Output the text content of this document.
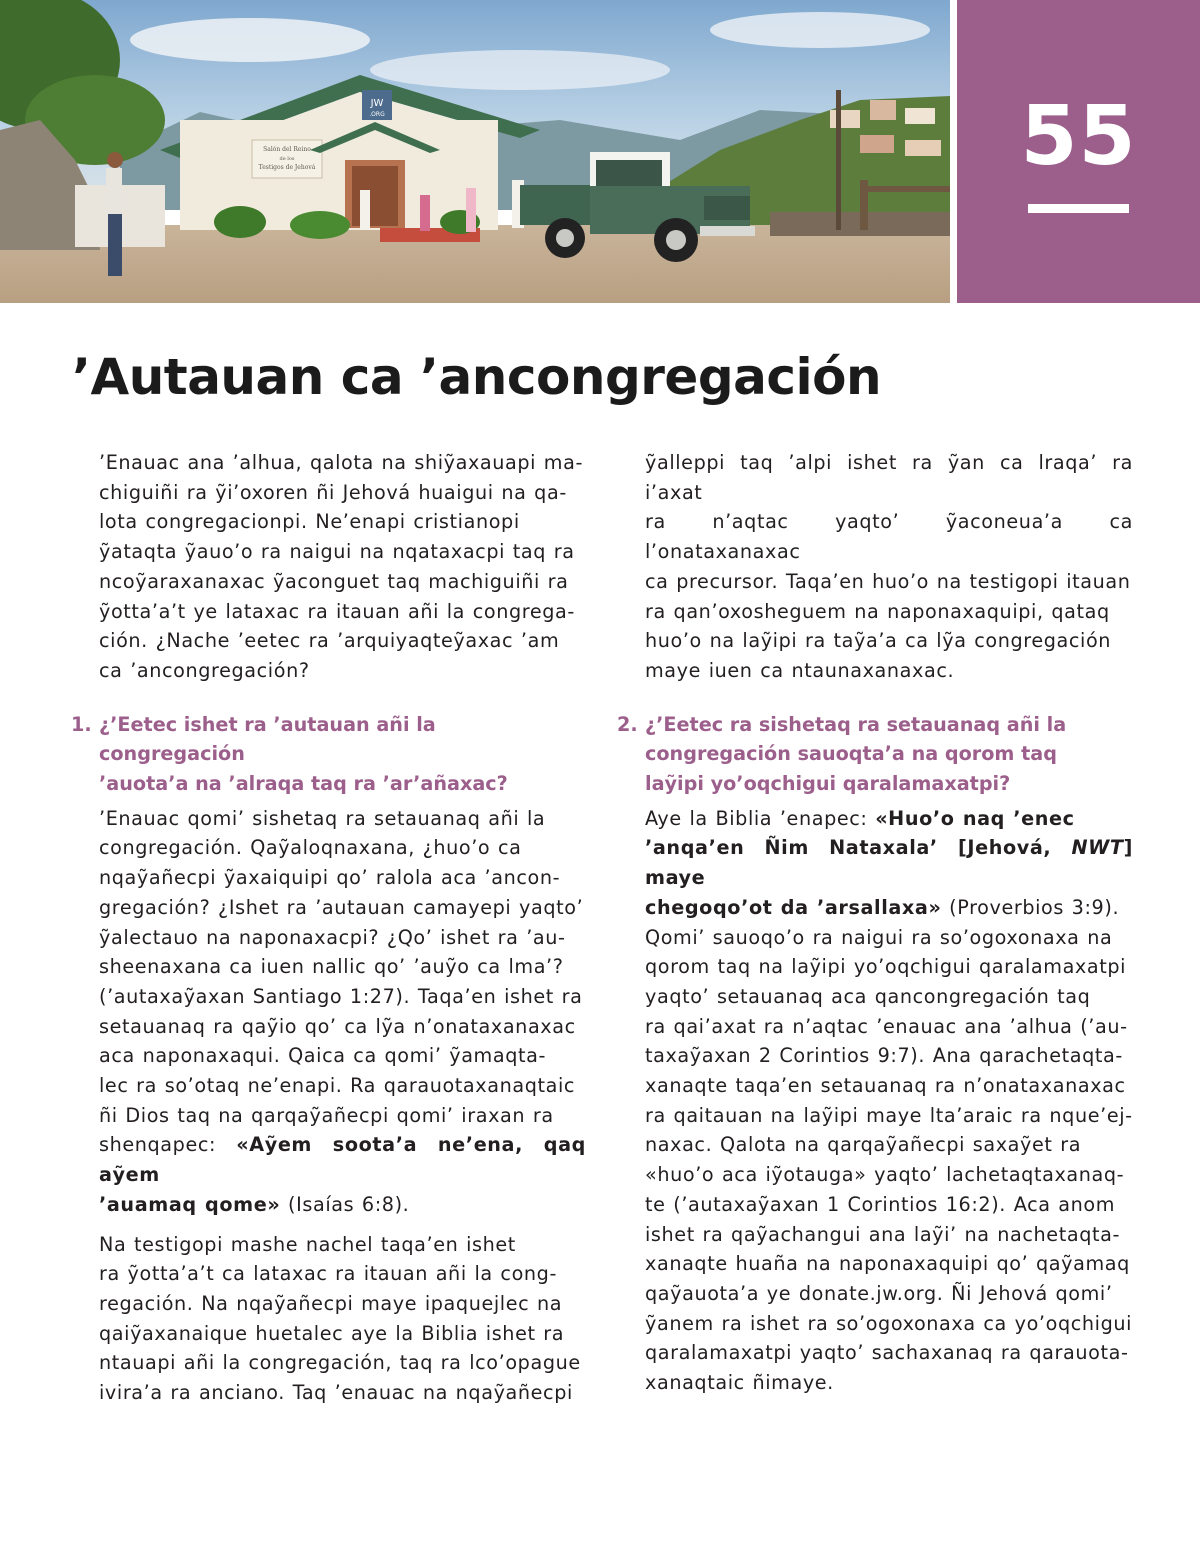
Salón del Reino
de los
Testigos de Jehová
JW
.ORG	55
’Autauan ca ’ancongregación

’Enauac ana ’alhua, qalota na shiỹaxauapi ma-
chiguiñi ra ỹi’oxoren ñi Jehová huaigui na qa-
lota congregacionpi. Ne’enapi cristianopi
ỹataqta ỹauo’o ra naigui na nqataxacpi taq ra
ncoỹaraxanaxac ỹaconguet taq machiguiñi ra
ỹotta’a’t ye lataxac ra itauan añi la congrega-
ción. ¿Nache ’eetec ra ’arquiyaqteỹaxac ’am
ca ’ancongregación?

1. ¿’Eetec ishet ra ’autauan añi la congregación
’auota’a na ’alraqa taq ra ’ar’añaxac?

’Enauac qomi’ sishetaq ra setauanaq añi la
congregación. Qaỹaloqnaxana, ¿huo’o ca
nqaỹañecpi ỹaxaiquipi qo’ ralola aca ’ancon-
gregación? ¿Ishet ra ’autauan camayepi yaqto’
ỹalectauo na naponaxacpi? ¿Qo’ ishet ra ’au-
sheenaxana ca iuen nallic qo’ ’auỹo ca lma’?
(’autaxaỹaxan Santiago 1:27). Taqa’en ishet ra
setauanaq ra qaỹio qo’ ca lỹa n’onataxanaxac
aca naponaxaqui. Qaica ca qomi’ ỹamaqta-
lec ra so’otaq ne’enapi. Ra qarauotaxanaqtaic
ñi Dios taq na qarqaỹañecpi qomi’ iraxan ra
shenqapec: «Aỹem soota’a ne’ena, qaq aỹem
’auamaq qome» (Isaías 6:8).

Na testigopi mashe nachel taqa’en ishet
ra ỹotta’a’t ca lataxac ra itauan añi la cong-
regación. Na nqaỹañecpi maye ipaquejlec na
qaiỹaxanaique huetalec aye la Biblia ishet ra
ntauapi añi la congregación, taq ra lco’opague
ivira’a ra anciano. Taq ’enauac na nqaỹañecpi

ỹalleppi taq ’alpi ishet ra ỹan ca lraqa’ ra i’axat
ra n’aqtac yaqto’ ỹaconeua’a ca l’onataxanaxac
ca precursor. Taqa’en huo’o na testigopi itauan
ra qan’oxosheguem na naponaxaquipi, qataq
huo’o na laỹipi ra taỹa’a ca lỹa congregación
maye iuen ca ntaunaxanaxac.

2. ¿’Eetec ra sishetaq ra setauanaq añi la
congregación sauoqta’a na qorom taq
laỹipi yo’oqchigui qaralamaxatpi?

Aye la Biblia ’enapec: «Huo’o naq ’enec
’anqa’en Ñim Nataxala’ [Jehová, NWT] maye
chegoqo’ot da ’arsallaxa» (Proverbios 3:9).
Qomi’ sauoqo’o ra naigui ra so’ogoxonaxa na
qorom taq na laỹipi yo’oqchigui qaralamaxatpi
yaqto’ setauanaq aca qancongregación taq
ra qai’axat ra n’aqtac ’enauac ana ’alhua (’au-
taxaỹaxan 2 Corintios 9:7). Ana qarachetaqta-
xanaqte taqa’en setauanaq ra n’onataxanaxac
ra qaitauan na laỹipi maye lta’araic ra nque’ej-
naxac. Qalota na qarqaỹañecpi saxaỹet ra
«huo’o aca iỹotauga» yaqto’ lachetaqtaxanaq-
te (’autaxaỹaxan 1 Corintios 16:2). Aca anom
ishet ra qaỹachangui ana laỹi’ na nachetaqta-
xanaqte huaña na naponaxaquipi qo’ qaỹamaq
qaỹauota’a ye donate.jw.org. Ñi Jehová qomi’
ỹanem ra ishet ra so’ogoxonaxa ca yo’oqchigui
qaralamaxatpi yaqto’ sachaxanaq ra qarauota-
xanaqtaic ñimaye.
